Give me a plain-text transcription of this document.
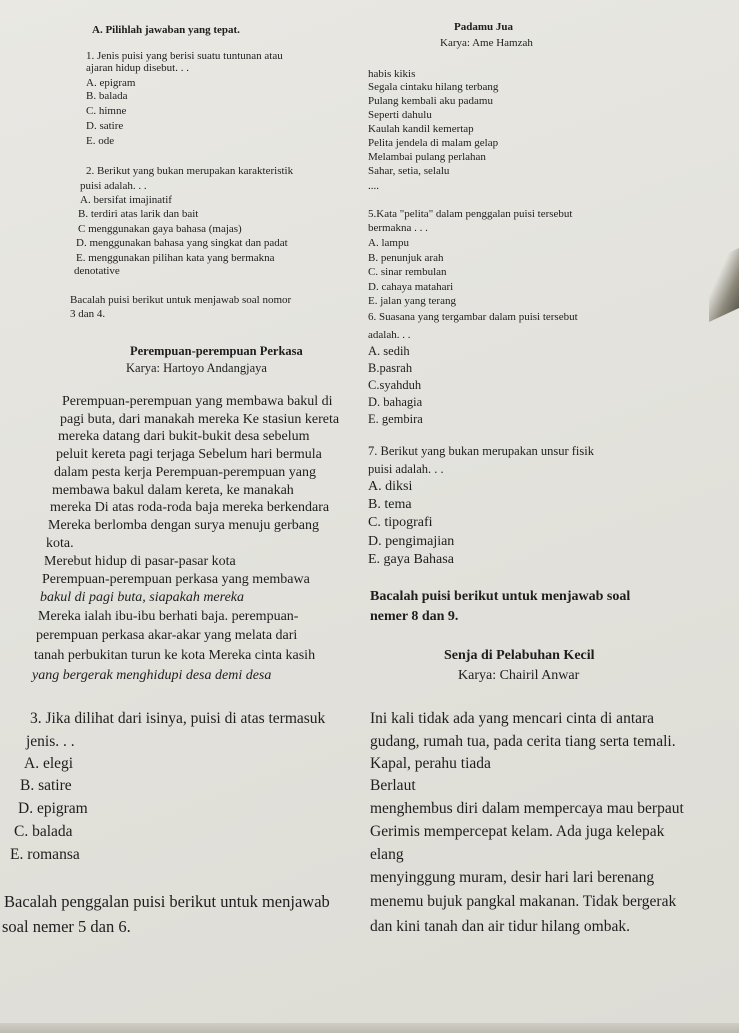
A. Pilihlah jawaban yang tepat.
1. Jenis puisi yang berisi suatu tuntunan atau
ajaran hidup disebut. . .
A. epigram
B. balada
C. himne
D. satire
E. ode
2. Berikut yang bukan merupakan karakteristik
puisi adalah. . .
A. bersifat imajinatif
B. terdiri atas larik dan bait
C menggunakan gaya bahasa (majas)
D. menggunakan bahasa yang singkat dan padat
E. menggunakan pilihan kata yang bermakna
denotative
Bacalah puisi berikut untuk menjawab soal nomor
3 dan 4.
Perempuan-perempuan Perkasa
Karya: Hartoyo Andangjaya
Perempuan-perempuan yang membawa bakul di
pagi buta, dari manakah mereka Ke stasiun kereta
mereka datang dari bukit-bukit desa sebelum
peluit kereta pagi terjaga Sebelum hari bermula
dalam pesta kerja Perempuan-perempuan yang
membawa bakul dalam kereta, ke manakah
mereka Di atas roda-roda baja mereka berkendara
Mereka berlomba dengan surya menuju gerbang
kota.
Merebut hidup di pasar-pasar kota
Perempuan-perempuan perkasa yang membawa
bakul di pagi buta, siapakah mereka
Mereka ialah ibu-ibu berhati baja. perempuan-
perempuan perkasa akar-akar yang melata dari
tanah perbukitan turun ke kota Mereka cinta kasih
yang bergerak menghidupi desa demi desa
3. Jika dilihat dari isinya, puisi di atas termasuk
jenis. . .
A. elegi
B. satire
D. epigram
C. balada
E. romansa
Bacalah penggalan puisi berikut untuk menjawab
soal nemer 5 dan 6.
Padamu Jua
Karya: Ame Hamzah
habis kikis
Segala cintaku hilang terbang
Pulang kembali aku padamu
Seperti dahulu
Kaulah kandil kemertap
Pelita jendela di malam gelap
Melambai pulang perlahan
Sahar, setia, selalu
....
5.Kata "pelita" dalam penggalan puisi tersebut
bermakna . . .
A. lampu
B. penunjuk arah
C. sinar rembulan
D. cahaya matahari
E. jalan yang terang
6. Suasana yang tergambar dalam puisi tersebut
adalah. . .
A. sedih
B.pasrah
C.syahduh
D. bahagia
E. gembira
7. Berikut yang bukan merupakan unsur fisik
puisi adalah. . .
A. diksi
B. tema
C. tipografi
D. pengimajian
E. gaya Bahasa
Bacalah puisi berikut untuk menjawab soal
nemer 8 dan 9.
Senja di Pelabuhan Kecil
Karya: Chairil Anwar
Ini kali tidak ada yang mencari cinta di antara
gudang, rumah tua, pada cerita tiang serta temali.
Kapal, perahu tiada
Berlaut
menghembus diri dalam mempercaya mau berpaut
Gerimis mempercepat kelam. Ada juga kelepak
elang
menyinggung muram, desir hari lari berenang
menemu bujuk pangkal makanan. Tidak bergerak
dan kini tanah dan air tidur hilang ombak.
